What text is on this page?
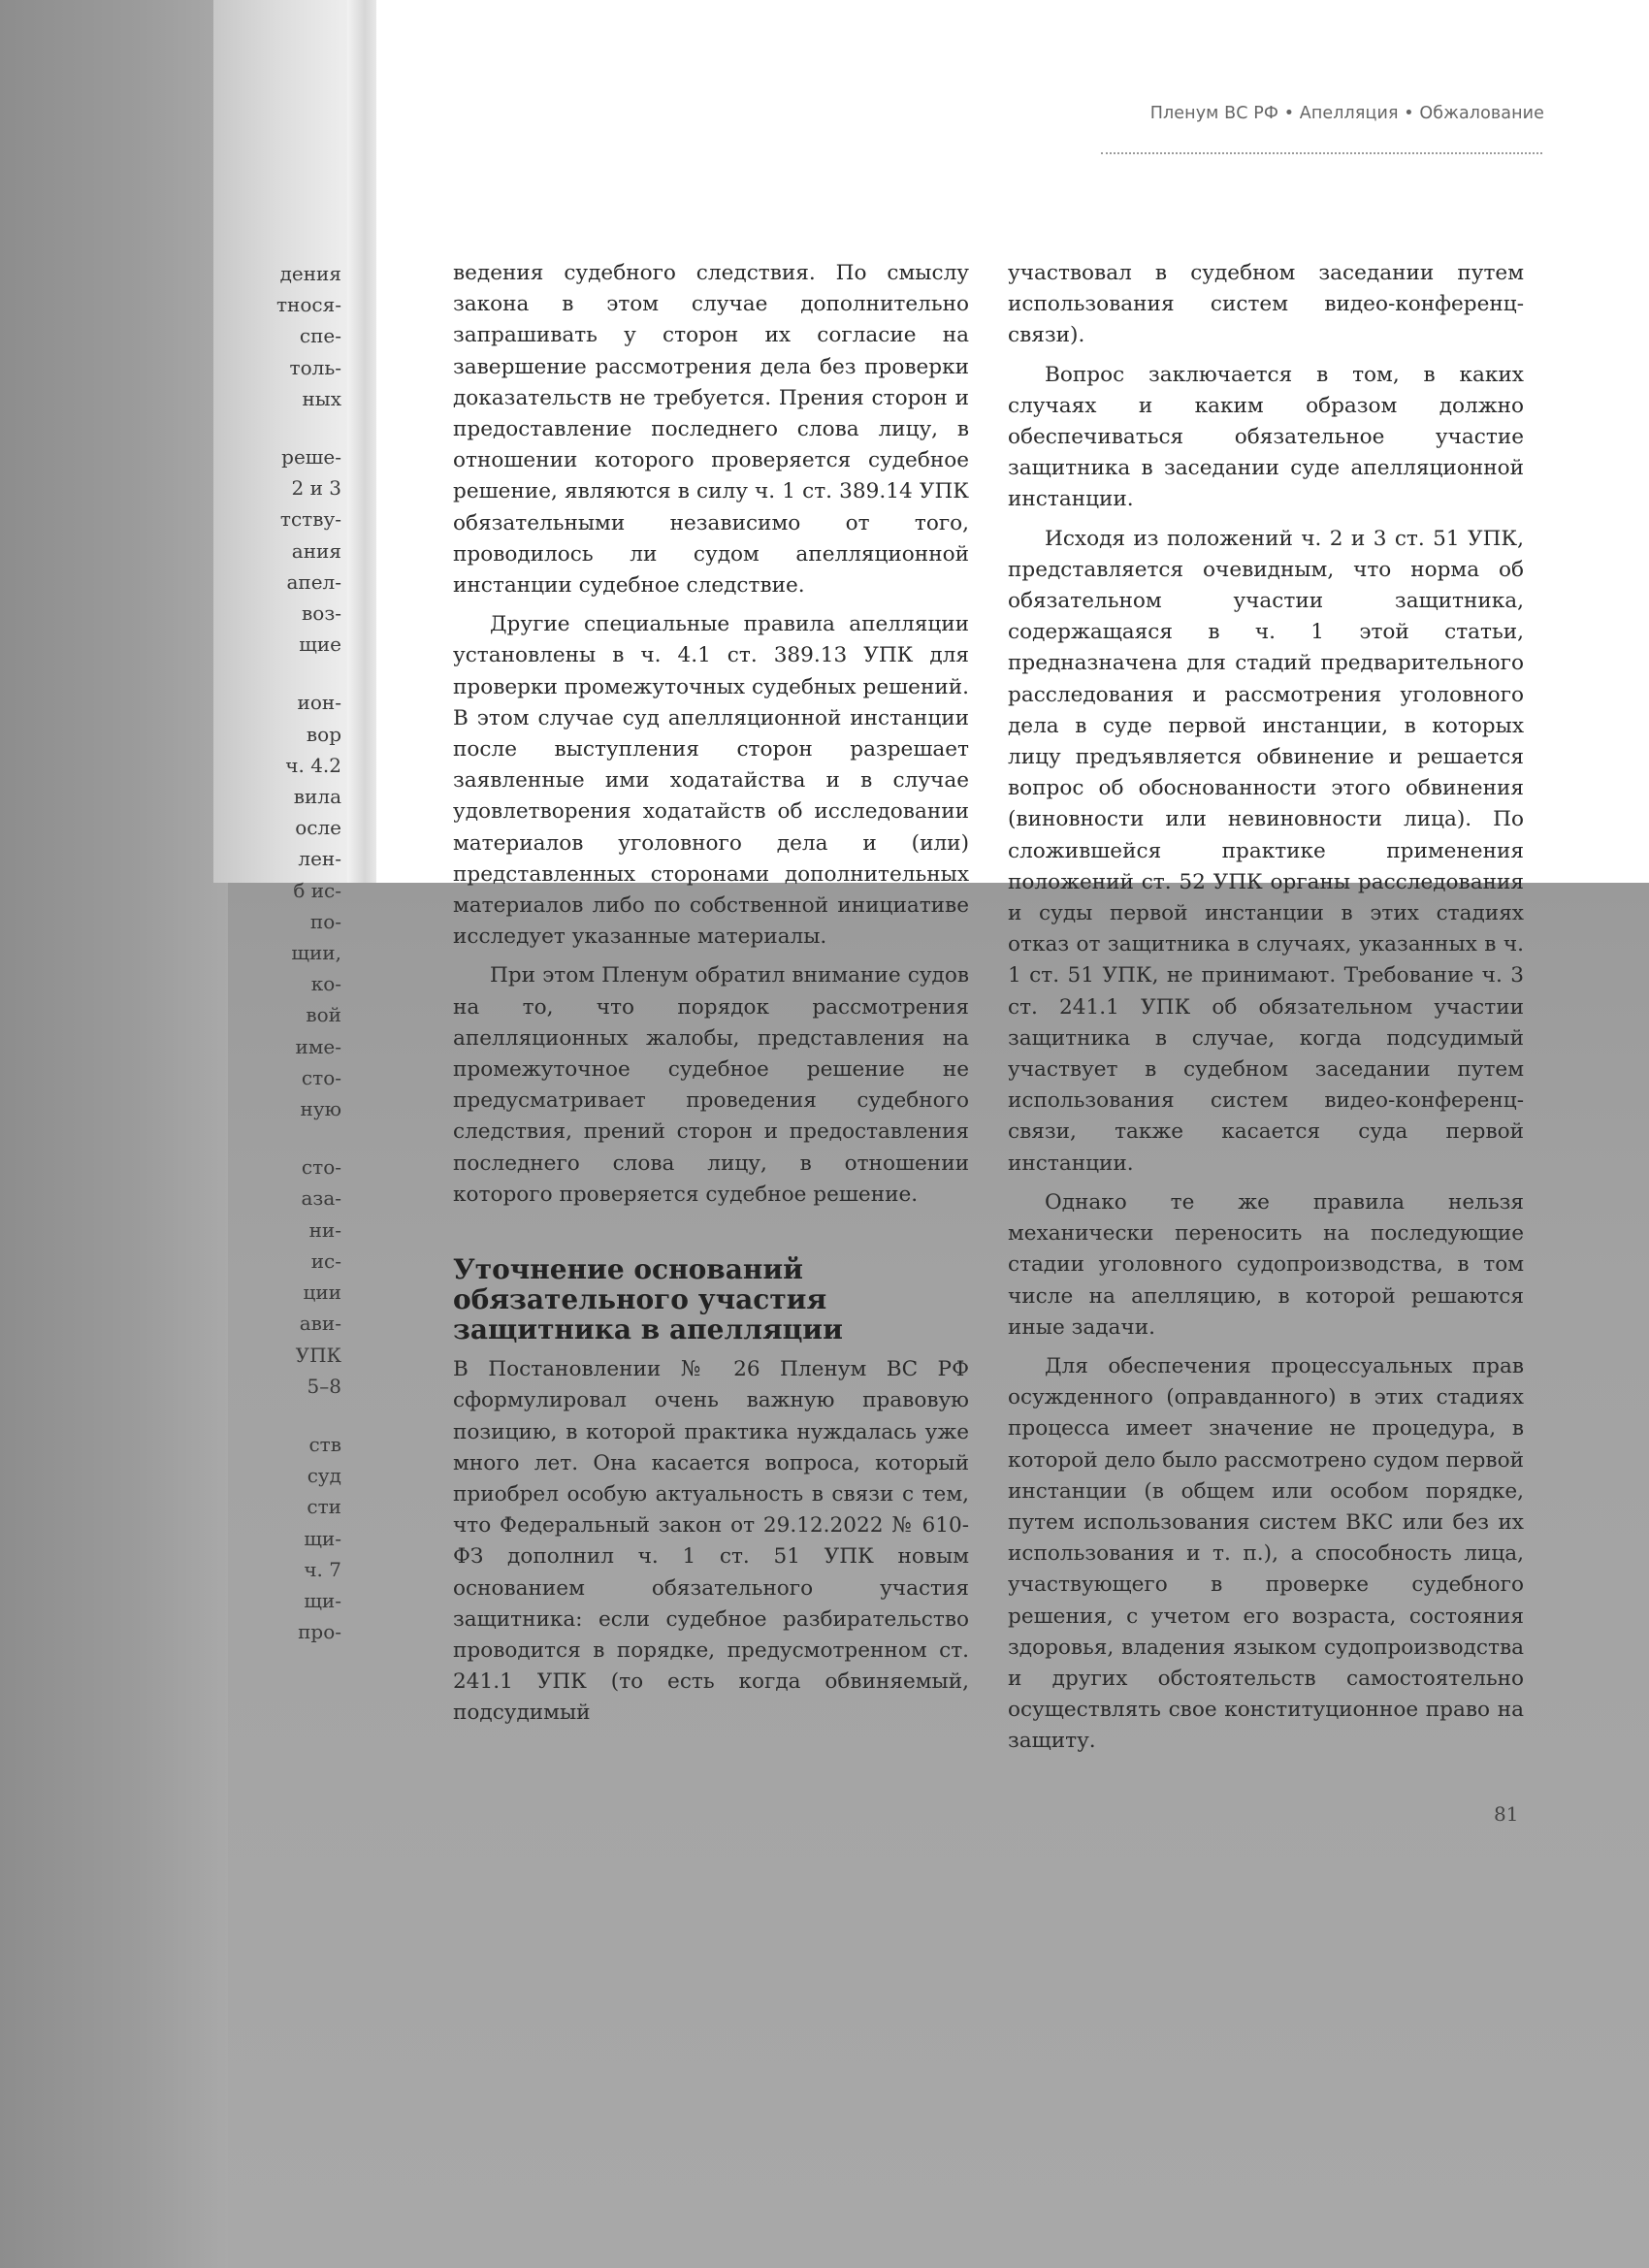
дения
тнося-
спе-
толь-
ных
реше-
2 и 3
тству-
ания
апел-
воз-
щие
ион-
вор
ч. 4.2
вила
осле
лен-
б ис-
по-
щии,
ко-
вой
име-
сто-
ную
сто-
аза-
ни-
ис-
ции
ави-
УПК
5–8
ств
суд
сти
щи-
ч. 7
щи-
про-
Пленум ВС РФ • Апелляция • Обжалование

ведения судебного следствия. По смыслу закона в этом случае дополнительно запрашивать у сторон их согласие на завершение рассмотрения дела без проверки доказательств не требуется. Прения сторон и предоставление последнего слова лицу, в отношении которого проверяется судебное решение, являются в силу ч. 1 ст. 389.14 УПК обязательными независимо от того, проводилось ли судом апелляционной инстанции судебное следствие.

Другие специальные правила апелляции установлены в ч. 4.1 ст. 389.13 УПК для проверки промежуточных судебных решений. В этом случае суд апелляционной инстанции после выступления сторон разрешает заявленные ими ходатайства и в случае удовлетворения ходатайств об исследовании материалов уголовного дела и (или) представленных сторонами дополнительных материалов либо по собственной инициативе исследует указанные материалы.

При этом Пленум обратил внимание судов на то, что порядок рассмотрения апелляционных жалобы, представления на промежуточное судебное решение не предусматривает проведения судебного следствия, прений сторон и предоставления последнего слова лицу, в отношении которого проверяется судебное решение.

Уточнение оснований обязательного участия защитника в апелляции

В Постановлении № 26 Пленум ВС РФ сформулировал очень важную правовую позицию, в которой практика нуждалась уже много лет. Она касается вопроса, который приобрел особую актуальность в связи с тем, что Федеральный закон от 29.12.2022 № 610-ФЗ дополнил ч. 1 ст. 51 УПК новым основанием обязательного участия защитника: если судебное разбирательство проводится в порядке, предусмотренном ст. 241.1 УПК (то есть когда обвиняемый, подсудимый

участвовал в судебном заседании путем использования систем видео-конференц-связи).

Вопрос заключается в том, в каких случаях и каким образом должно обеспечиваться обязательное участие защитника в заседании суде апелляционной инстанции.

Исходя из положений ч. 2 и 3 ст. 51 УПК, представляется очевидным, что норма об обязательном участии защитника, содержащаяся в ч. 1 этой статьи, предназначена для стадий предварительного расследования и рассмотрения уголовного дела в суде первой инстанции, в которых лицу предъявляется обвинение и решается вопрос об обоснованности этого обвинения (виновности или невиновности лица). По сложившейся практике применения положений ст. 52 УПК органы расследования и суды первой инстанции в этих стадиях отказ от защитника в случаях, указанных в ч. 1 ст. 51 УПК, не принимают. Требование ч. 3 ст. 241.1 УПК об обязательном участии защитника в случае, когда подсудимый участвует в судебном заседании путем использования систем видео-конференц-связи, также касается суда первой инстанции.

Однако те же правила нельзя механически переносить на последующие стадии уголовного судопроизводства, в том числе на апелляцию, в которой решаются иные задачи.

Для обеспечения процессуальных прав осужденного (оправданного) в этих стадиях процесса имеет значение не процедура, в которой дело было рассмотрено судом первой инстанции (в общем или особом порядке, путем использования систем ВКС или без их использования и т. п.), а способность лица, участвующего в проверке судебного решения, с учетом его возраста, состояния здоровья, владения языком судопроизводства и других обстоятельств самостоятельно осуществлять свое конституционное право на защиту.

81
